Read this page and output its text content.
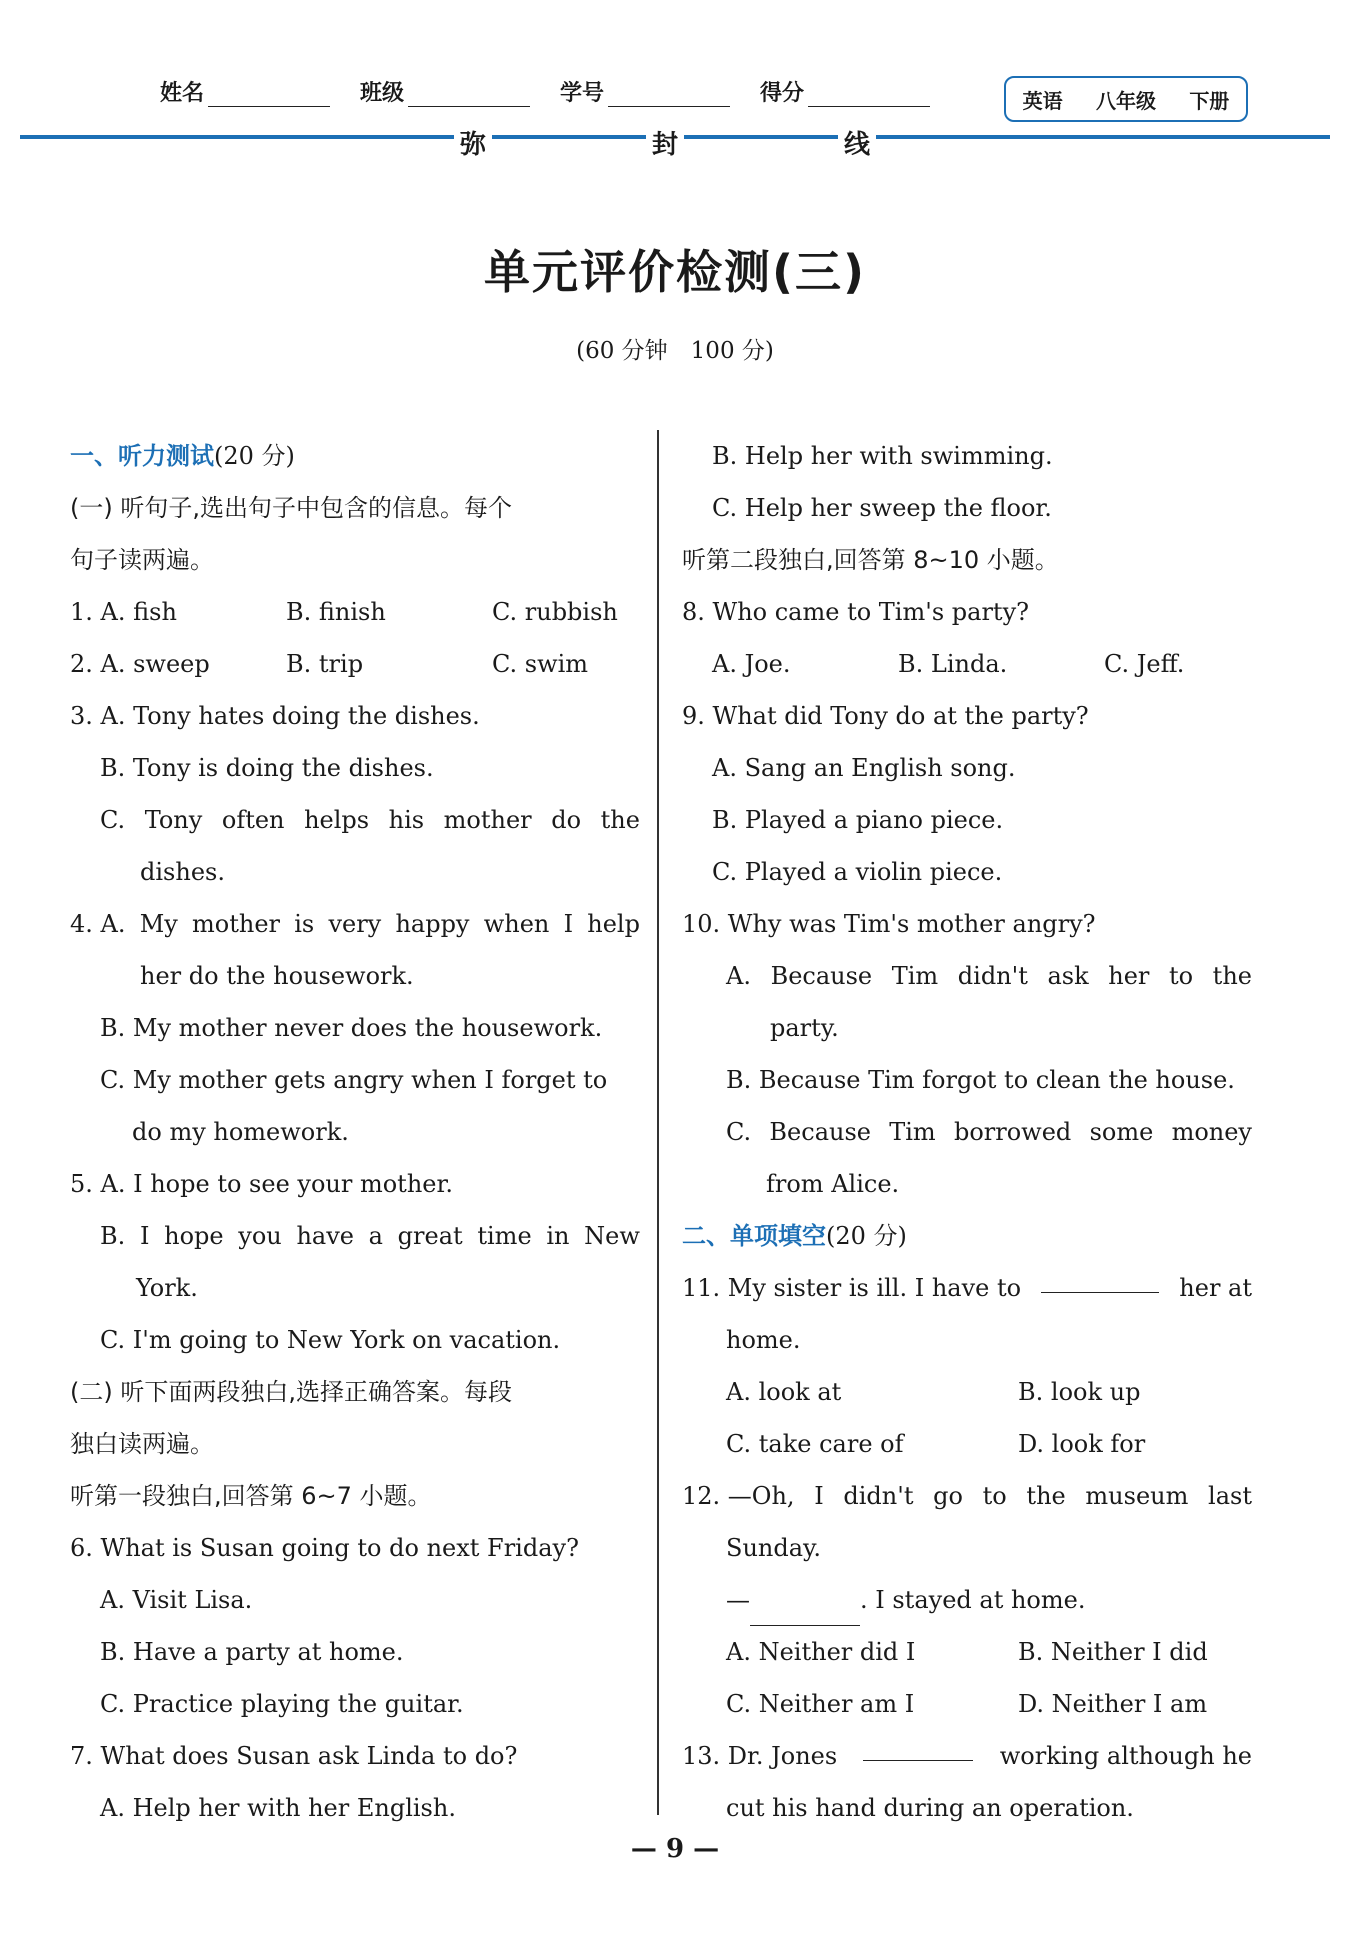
姓名	班级	学号	得分	英语 八年级 下册
弥	封	线
单元评价检测(三)
(60 分钟　100 分)
一、听力测试(20 分)
(一) 听句子,选出句子中包含的信息。每个
句子读两遍。
1. A. fish	B. finish	C. rubbish
2. A. sweep	B. trip	C. swim
3. A. Tony hates doing the dishes.
B. Tony is doing the dishes.
C. Tony often helps his mother do the
dishes.
4. A. My mother is very happy when I help
her do the housework.
B. My mother never does the housework.
C. My mother gets angry when I forget to
do my homework.
5. A. I hope to see your mother.
B. I hope you have a great time in New
York.
C. I'm going to New York on vacation.
(二) 听下面两段独白,选择正确答案。每段
独白读两遍。
听第一段独白,回答第 6~7 小题。
6. What is Susan going to do next Friday?
A. Visit Lisa.
B. Have a party at home.
C. Practice playing the guitar.
7. What does Susan ask Linda to do?
A. Help her with her English.
B. Help her with swimming.
C. Help her sweep the floor.
听第二段独白,回答第 8~10 小题。
8. Who came to Tim's party?
A. Joe.	B. Linda.	C. Jeff.
9. What did Tony do at the party?
A. Sang an English song.
B. Played a piano piece.
C. Played a violin piece.
10. Why was Tim's mother angry?
A. Because Tim didn't ask her to the
party.
B. Because Tim forgot to clean the house.
C. Because Tim borrowed some money
from Alice.
二、单项填空(20 分)
11. My sister is ill. I have to	her at
home.
A. look at	B. look up
C. take care of	D. look for
12. —Oh, I didn't go to the museum last
Sunday.
—	. I stayed at home.
A. Neither did I	B. Neither I did
C. Neither am I	D. Neither I am
13. Dr. Jones	working although he
cut his hand during an operation.
— 9 —
